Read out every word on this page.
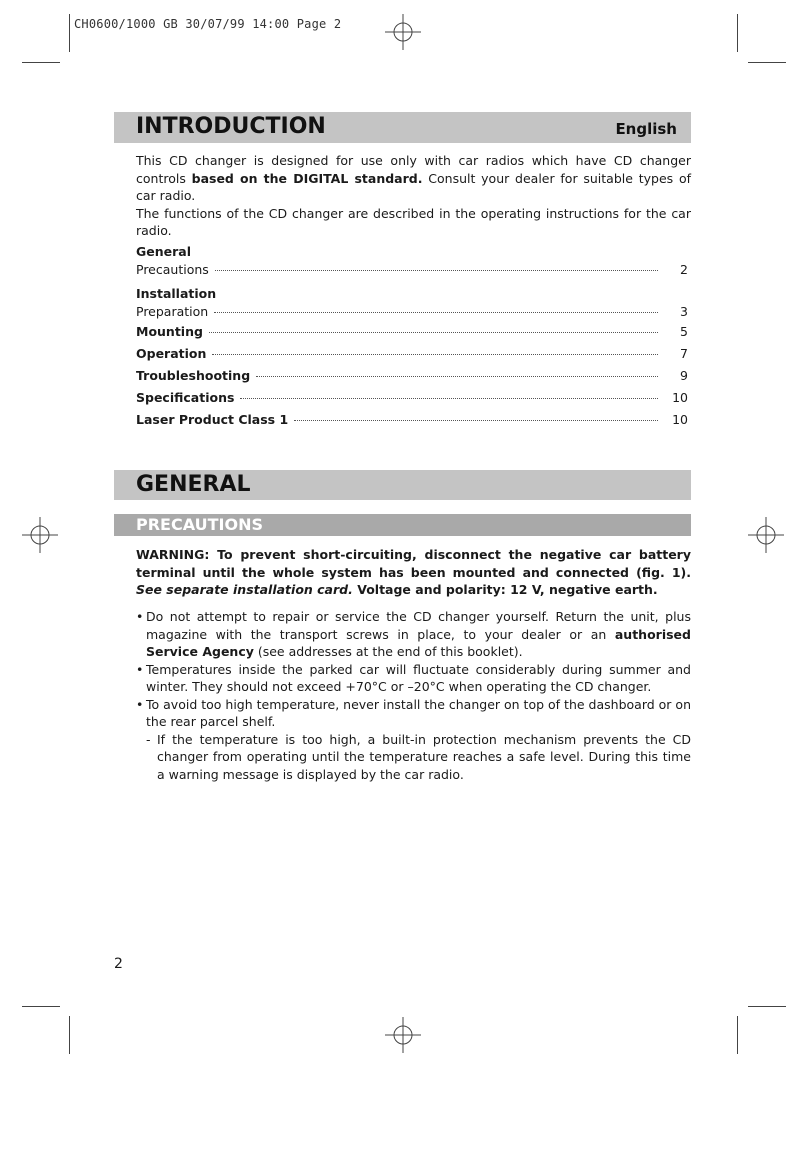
CH0600/1000 GB 30/07/99 14:00 Page 2
INTRODUCTION	English
This CD changer is designed for use only with car radios which have CD changer controls based on the DIGITAL standard. Consult your dealer for suitable types of car radio.
The functions of the CD changer are described in the operating instructions for the car radio.
General
Precautions	2
Installation
Preparation	3
Mounting	5
Operation	7
Troubleshooting	9
Specifications	10
Laser Product Class 1	10
GENERAL
PRECAUTIONS
WARNING: To prevent short-circuiting, disconnect the negative car battery terminal until the whole system has been mounted and connected (fig. 1). See separate installation card. Voltage and polarity: 12 V, negative earth.
• Do not attempt to repair or service the CD changer yourself. Return the unit, plus magazine with the transport screws in place, to your dealer or an authorised Service Agency (see addresses at the end of this booklet).
• Temperatures inside the parked car will fluctuate considerably during summer and winter. They should not exceed +70°C or –20°C when operating the CD changer.
• To avoid too high temperature, never install the changer on top of the dashboard or on the rear parcel shelf.
- If the temperature is too high, a built-in protection mechanism prevents the CD changer from operating until the temperature reaches a safe level. During this time a warning message is displayed by the car radio.
2
